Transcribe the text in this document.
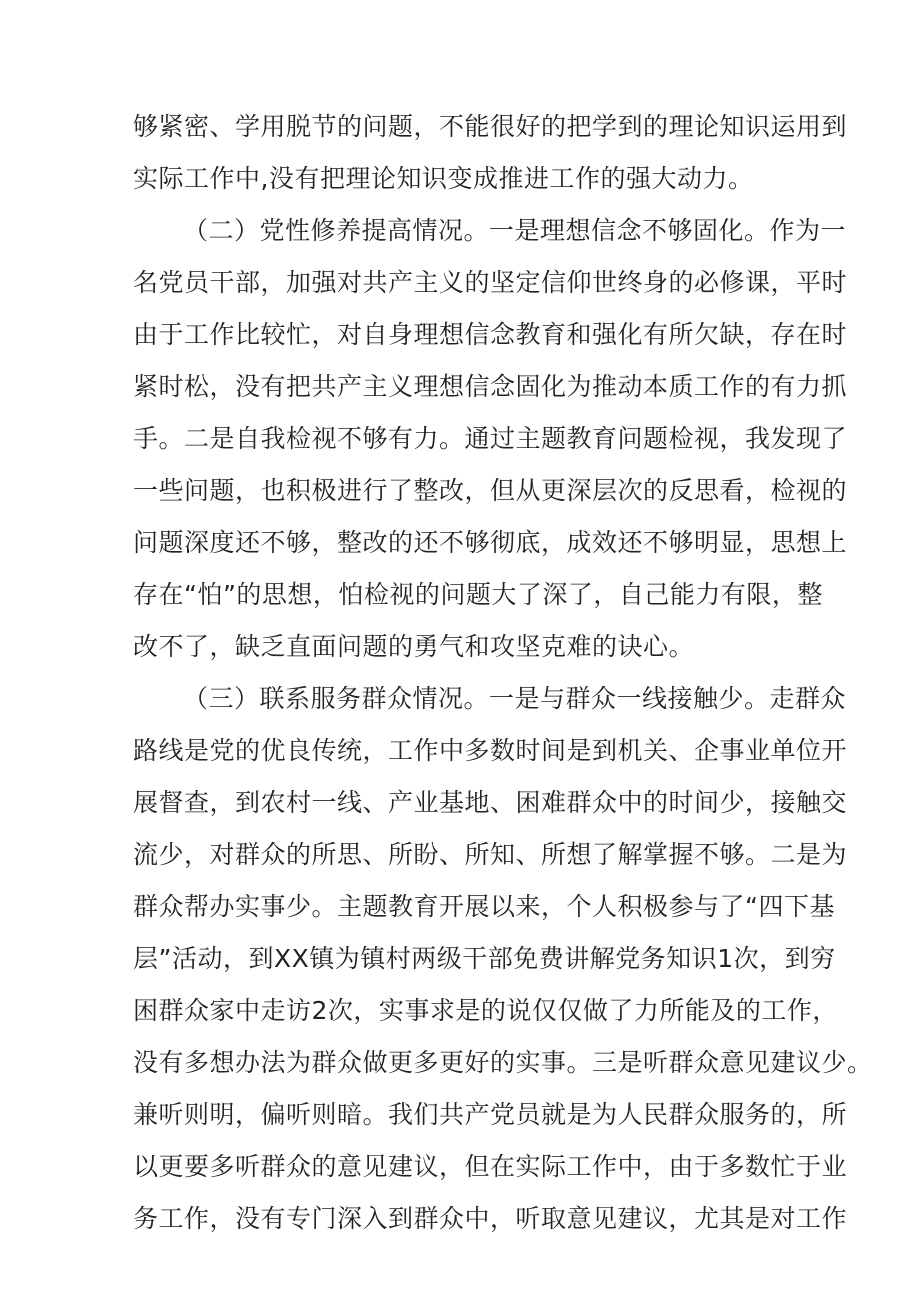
够紧密、学用脱节的问题，不能很好的把学到的理论知识运用到
实际工作中,没有把理论知识变成推进工作的强大动力。
（二）党性修养提高情况。一是理想信念不够固化。作为一
名党员干部，加强对共产主义的坚定信仰世终身的必修课，平时
由于工作比较忙，对自身理想信念教育和强化有所欠缺，存在时
紧时松，没有把共产主义理想信念固化为推动本质工作的有力抓
手。二是自我检视不够有力。通过主题教育问题检视，我发现了
一些问题，也积极进行了整改，但从更深层次的反思看，检视的
问题深度还不够，整改的还不够彻底，成效还不够明显，思想上
存在“怕”的思想，怕检视的问题大了深了，自己能力有限，整
改不了，缺乏直面问题的勇气和攻坚克难的诀心。
（三）联系服务群众情况。一是与群众一线接触少。走群众
路线是党的优良传统，工作中多数时间是到机关、企事业单位开
展督查，到农村一线、产业基地、困难群众中的时间少，接触交
流少，对群众的所思、所盼、所知、所想了解掌握不够。二是为
群众帮办实事少。主题教育开展以来，个人积极参与了“四下基
层”活动，到XX镇为镇村两级干部免费讲解党务知识1次，到穷
困群众家中走访2次，实事求是的说仅仅做了力所能及的工作，
没有多想办法为群众做更多更好的实事。三是听群众意见建议少。
兼听则明，偏听则暗。我们共产党员就是为人民群众服务的，所
以更要多听群众的意见建议，但在实际工作中，由于多数忙于业
务工作，没有专门深入到群众中，听取意见建议，尤其是对工作
